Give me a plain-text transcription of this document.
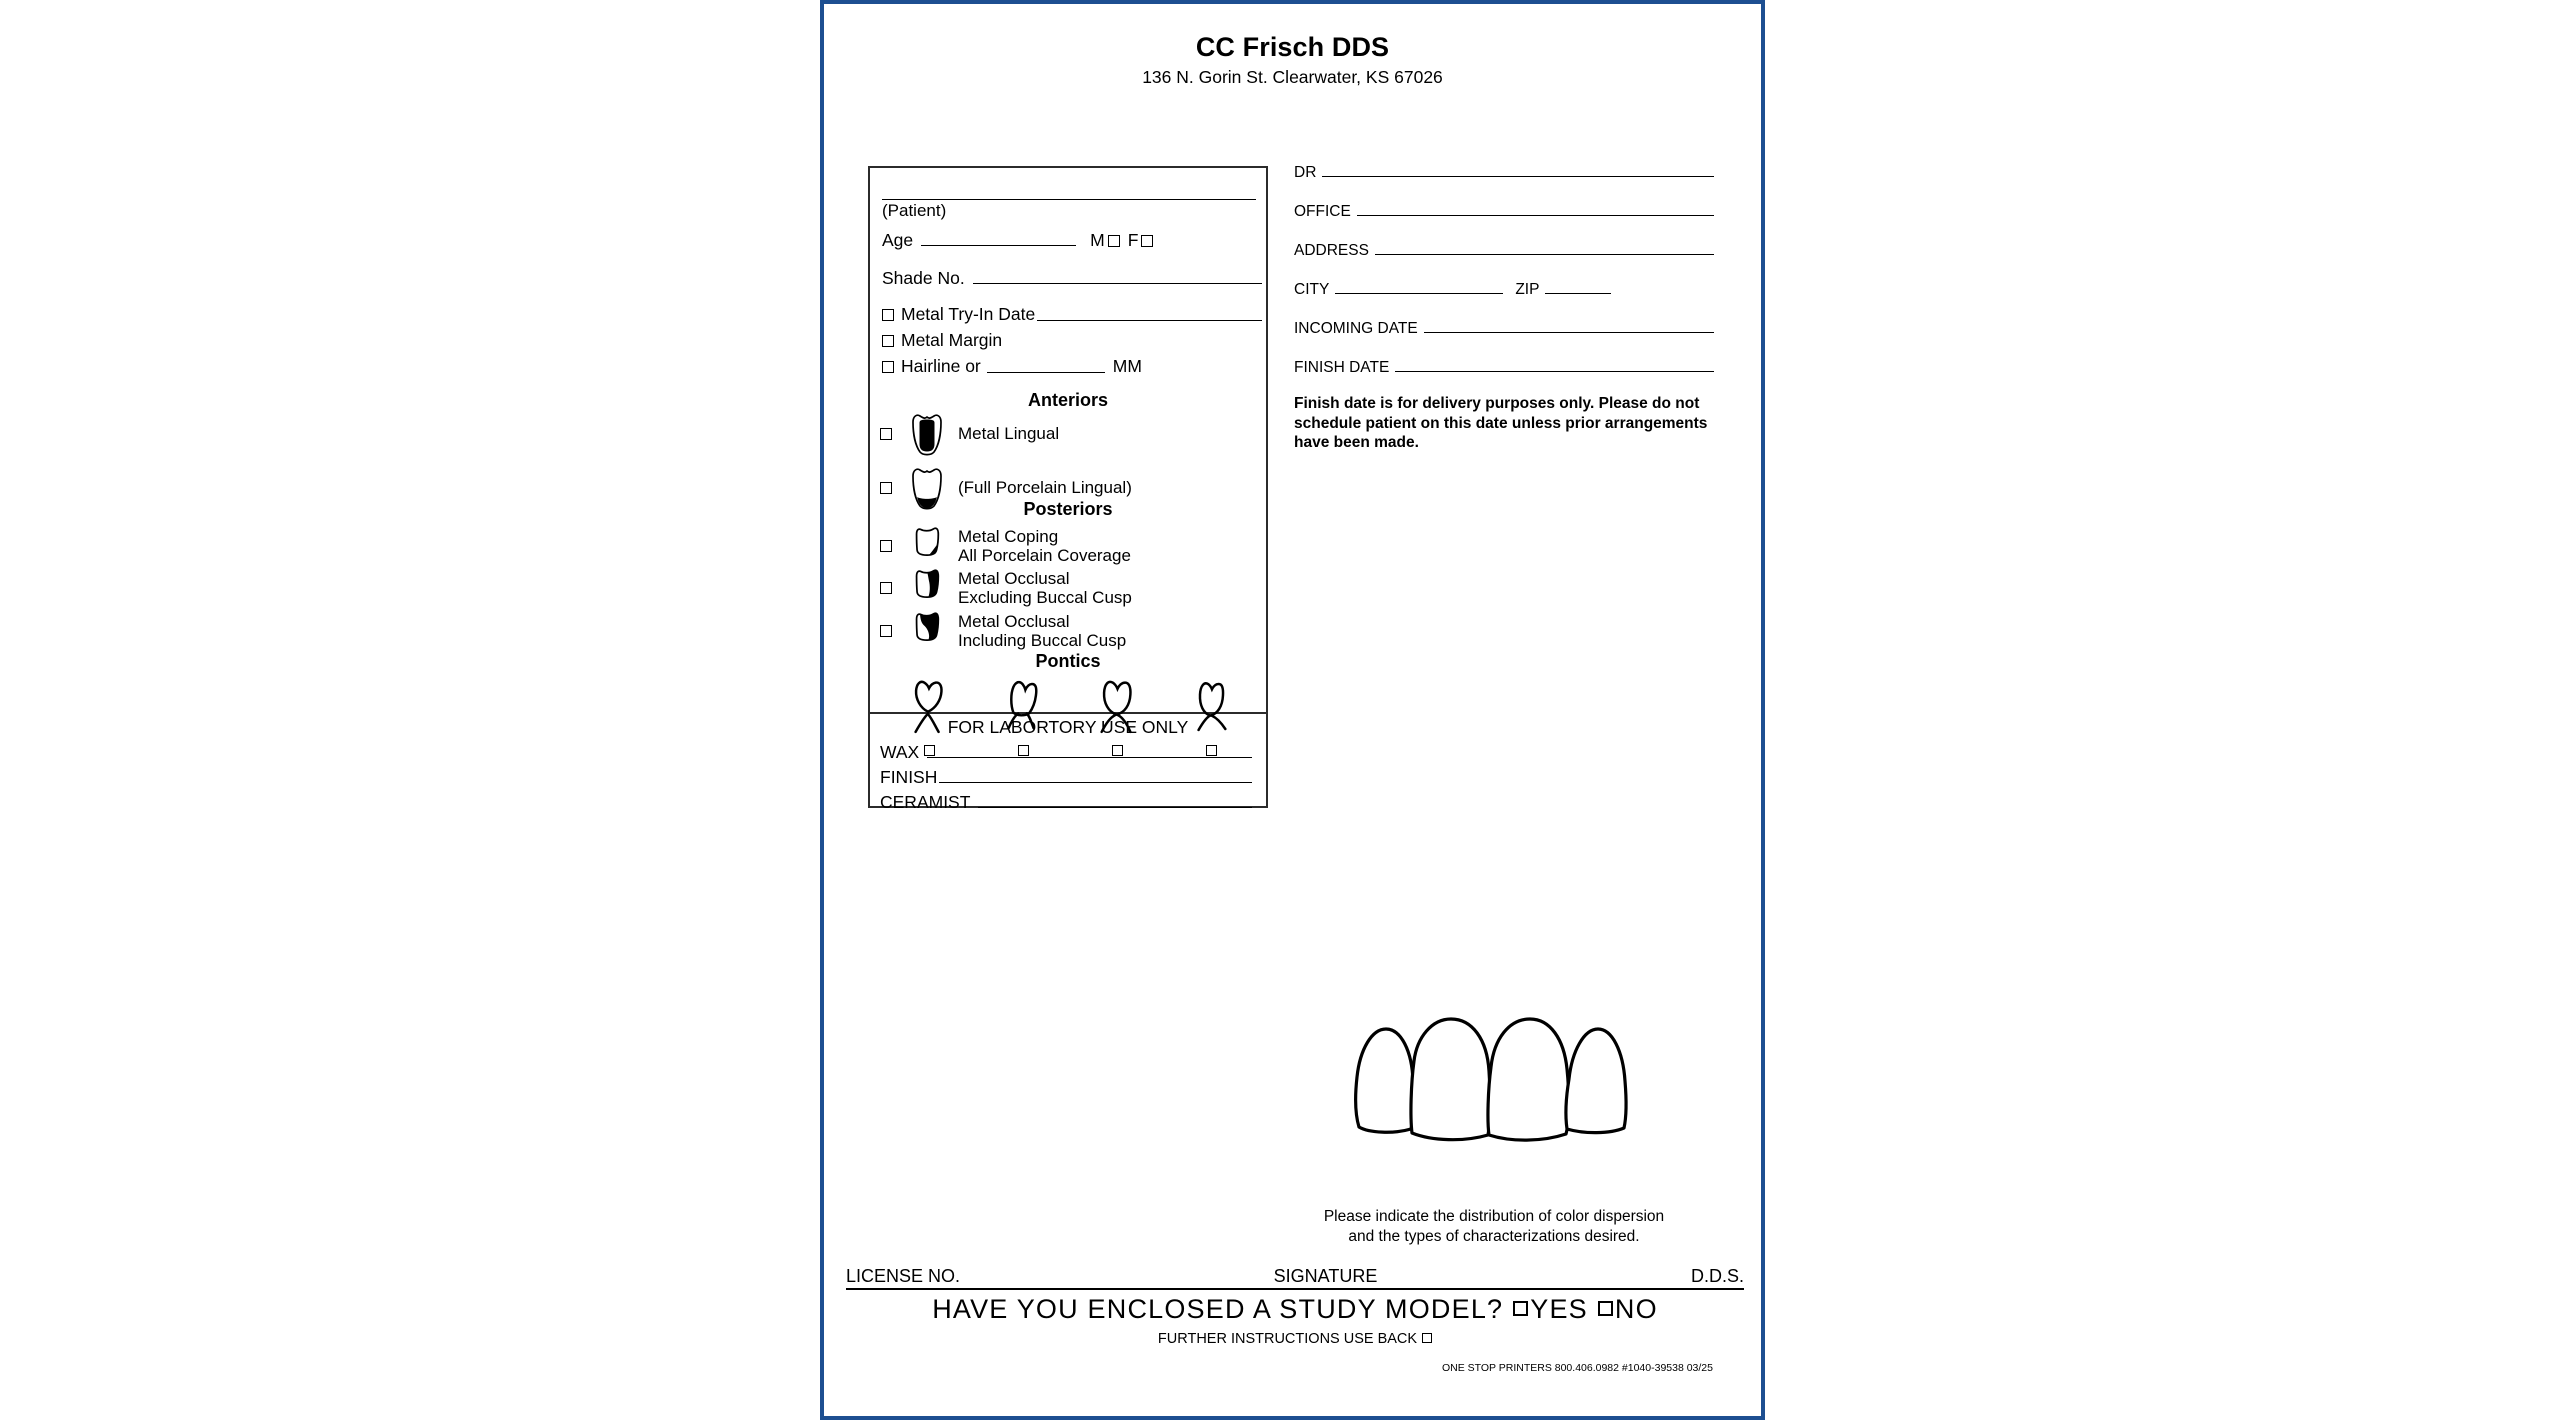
CC Frisch DDS
136 N. Gorin St. Clearwater, KS 67026
(Patient)
Age	M F
Shade No.
Metal Try-In Date
Metal Margin
Hairline or	MM
Anteriors
Metal Lingual
(Full Porcelain Lingual)
Posteriors
Metal Coping
All Porcelain Coverage
Metal Occlusal
Excluding Buccal Cusp
Metal Occlusal
Including Buccal Cusp
Pontics
FOR LABORTORY USE ONLY
WAX
FINISH
CERAMIST
DR
OFFICE
ADDRESS
CITY	ZIP
INCOMING DATE
FINISH DATE
Finish date is for delivery purposes only. Please do not schedule patient on this date unless prior arrangements have been made.
Please indicate the distribution of color dispersion and the types of characterizations desired.
LICENSE NO.	SIGNATURE	D.D.S.
HAVE YOU ENCLOSED A STUDY MODEL? YES NO
FURTHER INSTRUCTIONS USE BACK
ONE STOP PRINTERS 800.406.0982 #1040-39538 03/25
